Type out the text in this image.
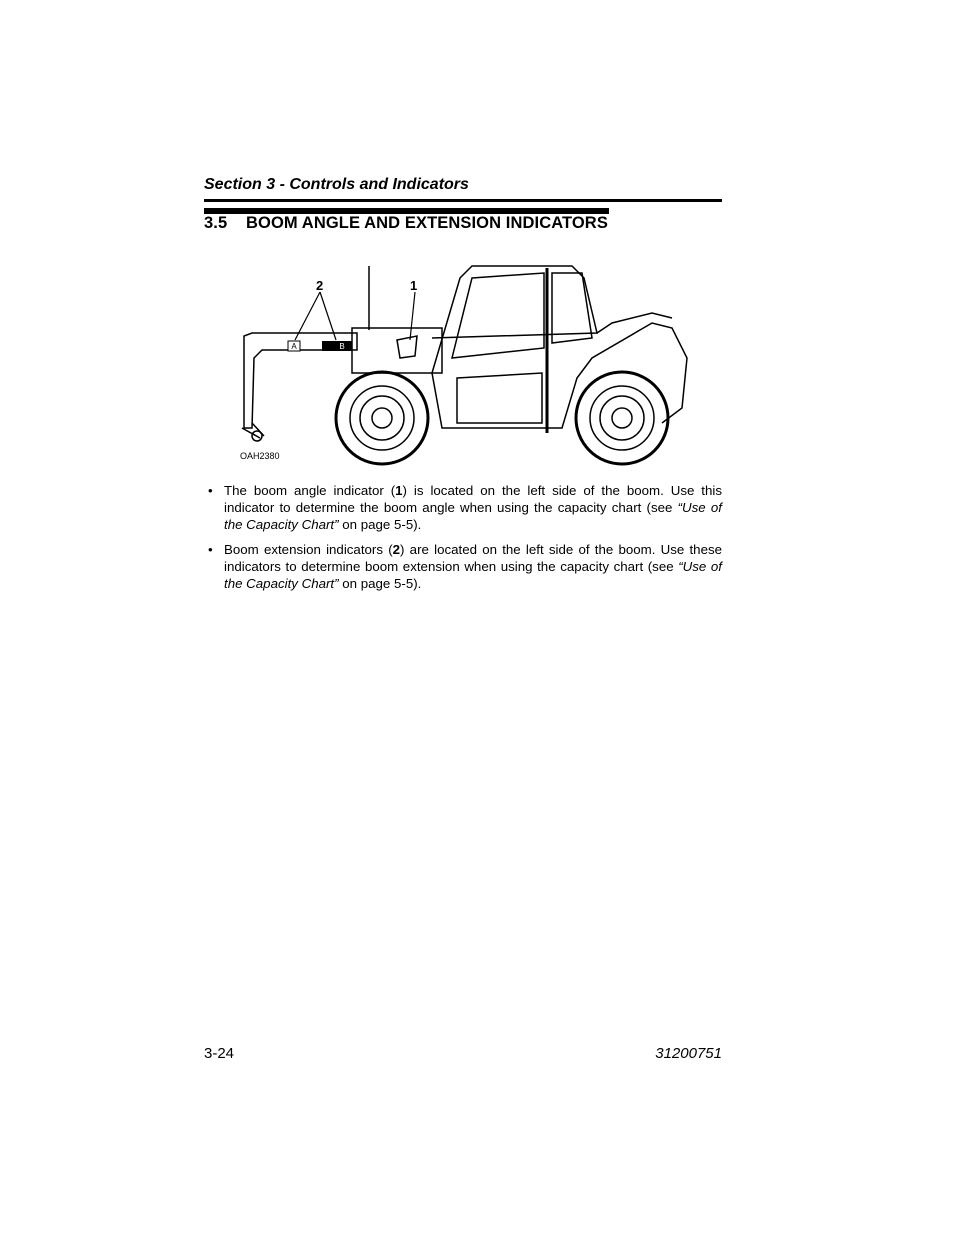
Section 3 - Controls and Indicators
3.5 BOOM ANGLE AND EXTENSION INDICATORS
A	B
2	1
OAH2380
• The boom angle indicator (1) is located on the left side of the boom. Use this indicator to determine the boom angle when using the capacity chart (see “Use of the Capacity Chart” on page 5-5).
• Boom extension indicators (2) are located on the left side of the boom. Use these indicators to determine boom extension when using the capacity chart (see “Use of the Capacity Chart” on page 5-5).
3-24	31200751
